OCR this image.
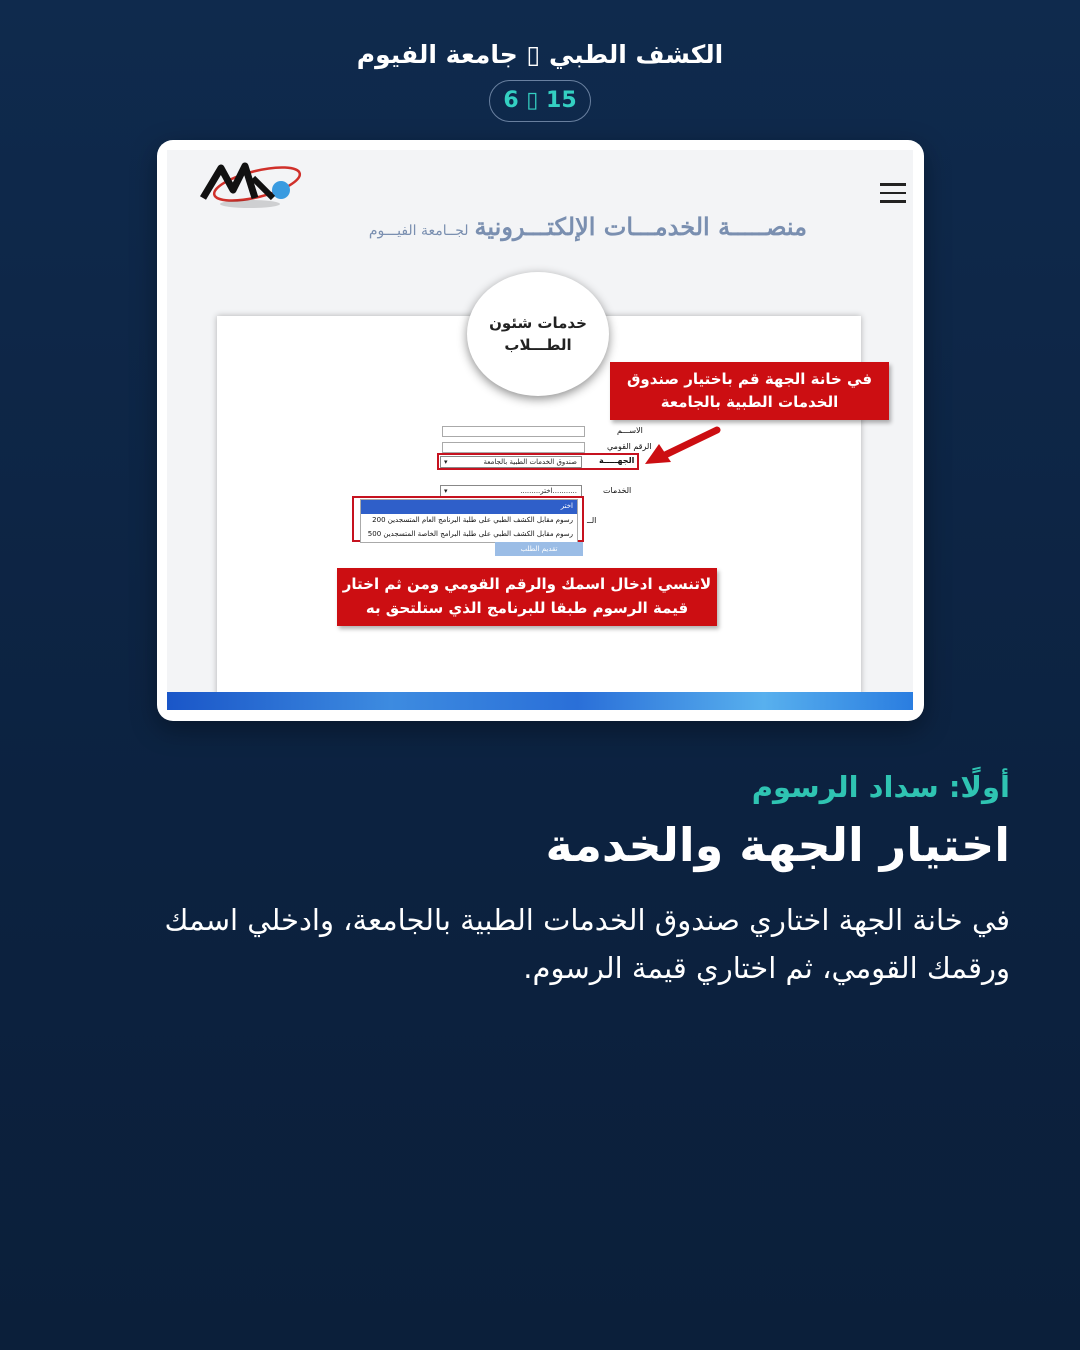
الكشف الطبي ▯ جامعة الفيوم
6 ▯ 15
منصـــــة الخدمـــات الإلكتـــرونيةلجــامعة الفيـــوم
خدمات شئون
الطـــلاب
في خانة الجهة قم باختيار صندوق الخدمات الطبية بالجامعة
الاســـم
الرقم القومي
الجهـــــة
▾	صندوق الخدمات الطبية بالجامعة
الخدمات
▾	...........اختر.........
الــ
اختر
رسوم مقابل الكشف الطبي على طلبة البرنامج العام المتسجدين 200
رسوم مقابل الكشف الطبي على طلبة البرامج الخاصة المتسجدين 500
تقديم الطلب
لاتنسي ادخال اسمك والرقم القومي ومن ثم اختار قيمة الرسوم طبقا للبرنامج الذي ستلتحق به
أولًا: سداد الرسوم
اختيار الجهة والخدمة
في خانة الجهة اختاري صندوق الخدمات الطبية بالجامعة، وادخلي اسمك ورقمك القومي، ثم اختاري قيمة الرسوم.
